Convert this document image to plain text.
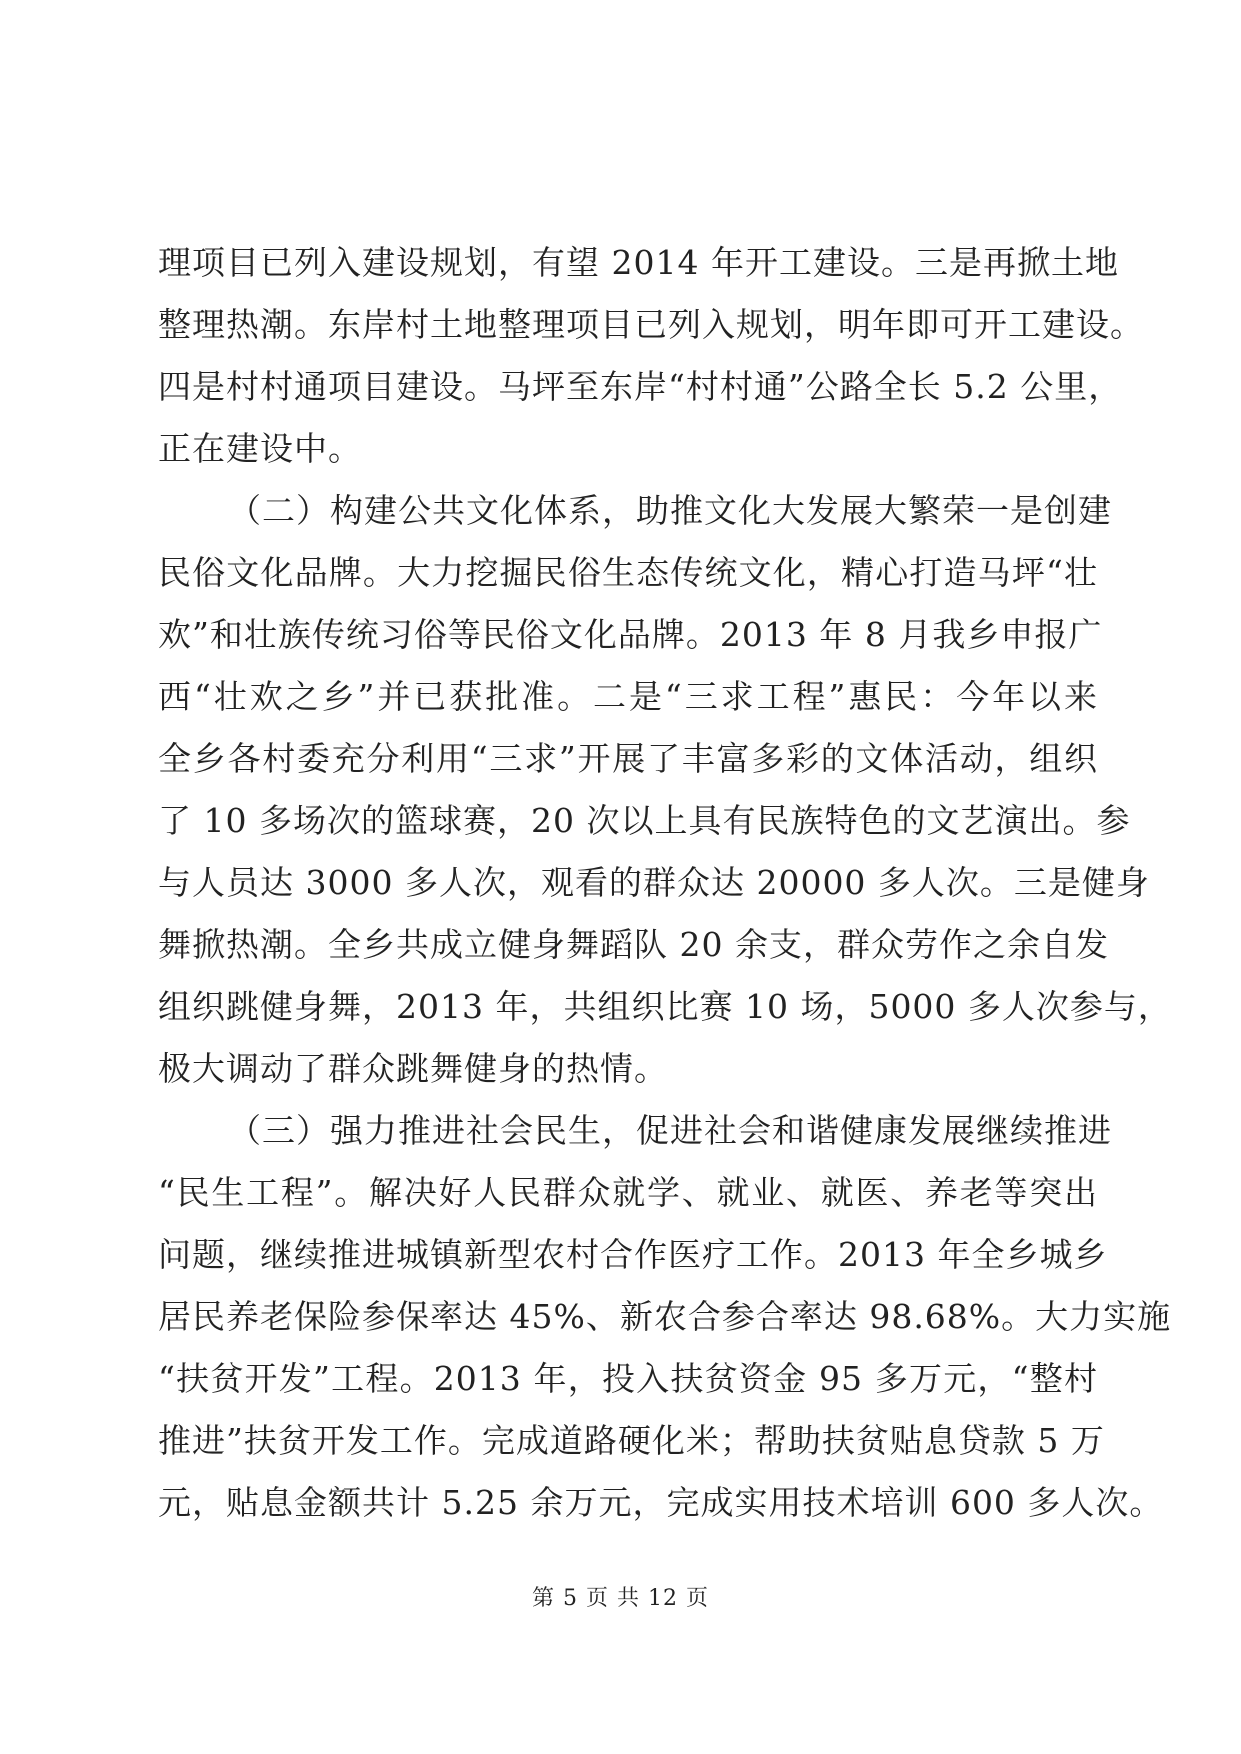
理项目已列入建设规划，有望 2014 年开工建设。三是再掀土地
整理热潮。东岸村土地整理项目已列入规划，明年即可开工建设。
四是村村通项目建设。马坪至东岸“村村通”公路全长 5.2 公里，
正在建设中。
（二）构建公共文化体系，助推文化大发展大繁荣一是创建
民俗文化品牌。大力挖掘民俗生态传统文化，精心打造马坪“壮
欢”和壮族传统习俗等民俗文化品牌。2013 年 8 月我乡申报广
西“壮欢之乡”并已获批准。二是“三求工程”惠民：今年以来
全乡各村委充分利用“三求”开展了丰富多彩的文体活动，组织
了 10 多场次的篮球赛，20 次以上具有民族特色的文艺演出。参
与人员达 3000 多人次，观看的群众达 20000 多人次。三是健身
舞掀热潮。全乡共成立健身舞蹈队 20 余支，群众劳作之余自发
组织跳健身舞，2013 年，共组织比赛 10 场，5000 多人次参与，
极大调动了群众跳舞健身的热情。
（三）强力推进社会民生，促进社会和谐健康发展继续推进
“民生工程”。解决好人民群众就学、就业、就医、养老等突出
问题，继续推进城镇新型农村合作医疗工作。2013 年全乡城乡
居民养老保险参保率达 45%、新农合参合率达 98.68%。大力实施
“扶贫开发”工程。2013 年，投入扶贫资金 95 多万元，“整村
推进”扶贫开发工作。完成道路硬化米；帮助扶贫贴息贷款 5 万
元，贴息金额共计 5.25 余万元，完成实用技术培训 600 多人次。
第 5 页 共 12 页
